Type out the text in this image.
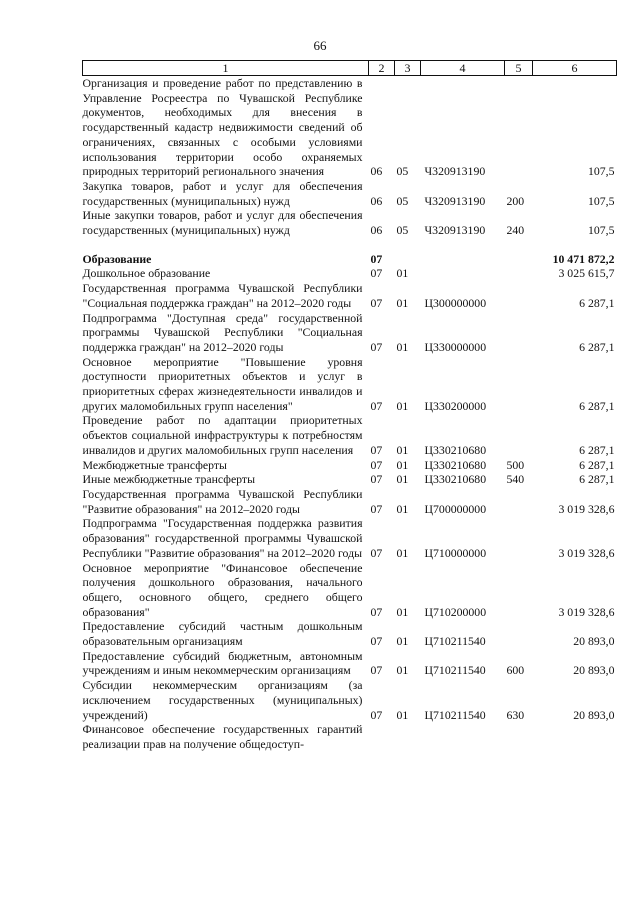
66
1	2	3	4	5	6
Организация и проведение работ по представлению в Управление Росреестра по Чувашской Республике документов, необходимых для внесения в государственный кадастр недвижимости сведений об ограничениях, связанных с особыми условиями использования территории особо охраняемых природных территорий регионального значения	06	05	Ч320913190		107,5
Закупка товаров, работ и услуг для обеспечения государственных (муниципальных) нужд	06	05	Ч320913190	200	107,5
Иные закупки товаров, работ и услуг для обеспечения государственных (муниципальных) нужд	06	05	Ч320913190	240	107,5

Образование	07				10 471 872,2
Дошкольное образование	07	01			3 025 615,7
Государственная программа Чувашской Республики "Социальная поддержка граждан" на 2012–2020 годы	07	01	Ц300000000		6 287,1
Подпрограмма "Доступная среда" государственной программы Чувашской Республики "Социальная поддержка граждан" на 2012–2020 годы	07	01	Ц330000000		6 287,1
Основное мероприятие "Повышение уровня доступности приоритетных объектов и услуг в приоритетных сферах жизнедеятельности инвалидов и других маломобильных групп населения"	07	01	Ц330200000		6 287,1
Проведение работ по адаптации приоритетных объектов социальной инфраструктуры к потребностям инвалидов и других маломобильных групп населения	07	01	Ц330210680		6 287,1
Межбюджетные трансферты	07	01	Ц330210680	500	6 287,1
Иные межбюджетные трансферты	07	01	Ц330210680	540	6 287,1
Государственная программа Чувашской Республики "Развитие образования" на 2012–2020 годы	07	01	Ц700000000		3 019 328,6
Подпрограмма "Государственная поддержка развития образования" государственной программы Чувашской Республики "Развитие образования" на 2012–2020 годы	07	01	Ц710000000		3 019 328,6
Основное мероприятие "Финансовое обеспечение получения дошкольного образования, начального общего, основного общего, среднего общего образования"	07	01	Ц710200000		3 019 328,6
Предоставление субсидий частным дошкольным образовательным организациям	07	01	Ц710211540		20 893,0
Предоставление субсидий бюджетным, автономным учреждениям и иным некоммерческим организациям	07	01	Ц710211540	600	20 893,0
Субсидии некоммерческим организациям (за исключением государственных (муниципальных) учреждений)	07	01	Ц710211540	630	20 893,0
Финансовое обеспечение государственных гарантий реализации прав на получение общедоступ-					
